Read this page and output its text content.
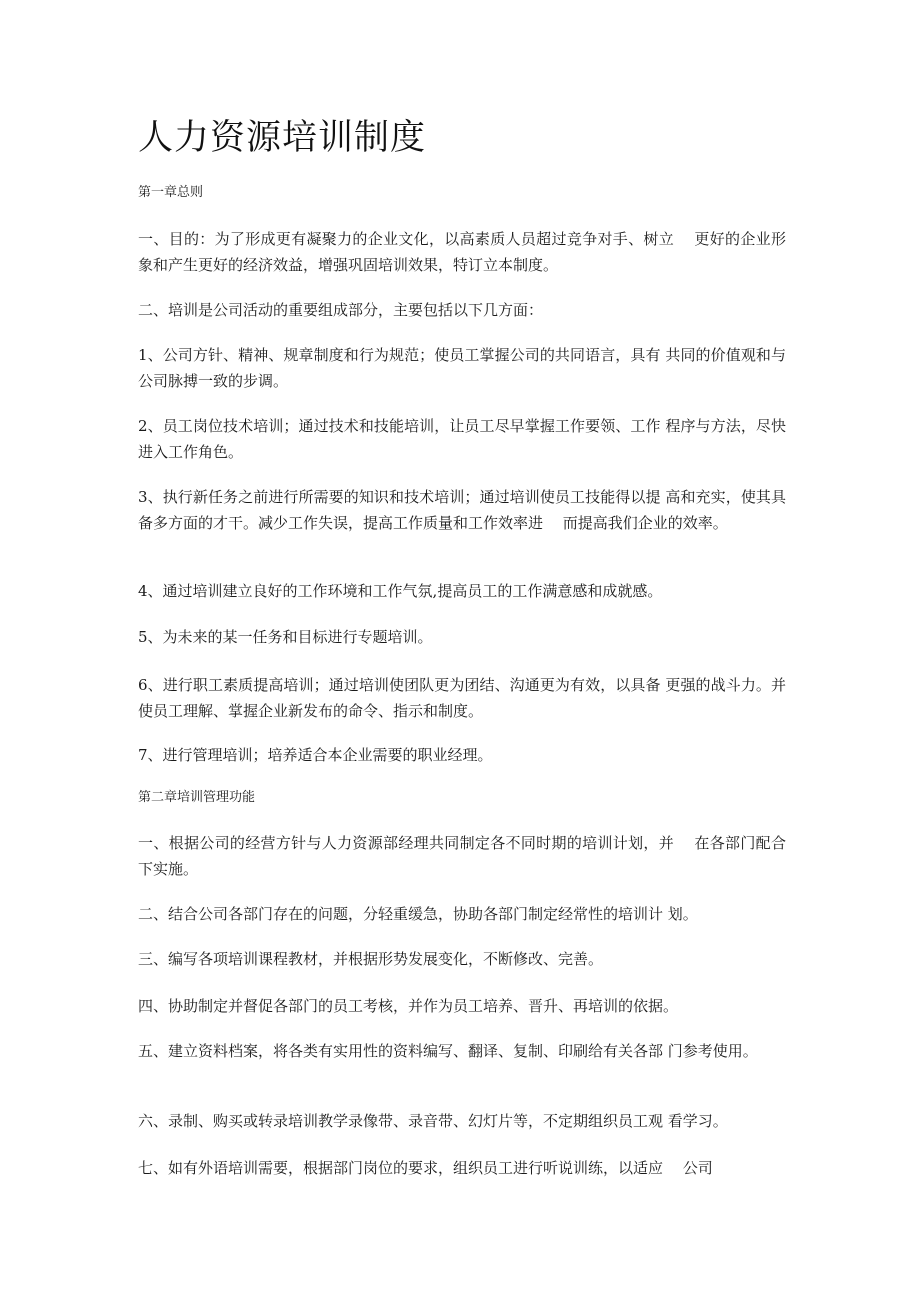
人力资源培训制度

第一章总则

一、目的：为了形成更有凝聚力的企业文化，以高素质人员超过竞争对手、树立　 更好的企业形象和产生更好的经济效益，增强巩固培训效果，特订立本制度。

二、培训是公司活动的重要组成部分，主要包括以下几方面：

1、公司方针、精神、规章制度和行为规范；使员工掌握公司的共同语言，具有 共同的价值观和与公司脉搏一致的步调。

2、员工岗位技术培训；通过技术和技能培训，让员工尽早掌握工作要领、工作 程序与方法，尽快进入工作角色。

3、执行新任务之前进行所需要的知识和技术培训；通过培训使员工技能得以提 高和充实，使其具备多方面的才干。减少工作失误，提高工作质量和工作效率进　 而提高我们企业的效率。

4、通过培训建立良好的工作环境和工作气氛,提高员工的工作满意感和成就感。

5、为未来的某一任务和目标进行专题培训。

6、进行职工素质提高培训；通过培训使团队更为团结、沟通更为有效，以具备 更强的战斗力。并使员工理解、掌握企业新发布的命令、指示和制度。

7、进行管理培训；培养适合本企业需要的职业经理。

第二章培训管理功能

一、根据公司的经营方针与人力资源部经理共同制定各不同时期的培训计划，并　 在各部门配合下实施。

二、结合公司各部门存在的问题，分轻重缓急，协助各部门制定经常性的培训计 划。

三、编写各项培训课程教材，并根据形势发展变化，不断修改、完善。

四、协助制定并督促各部门的员工考核，并作为员工培养、晋升、再培训的依据。

五、建立资料档案，将各类有实用性的资料编写、翻译、复制、印刷给有关各部 门参考使用。

六、录制、购买或转录培训教学录像带、录音带、幻灯片等，不定期组织员工观 看学习。

七、如有外语培训需要，根据部门岗位的要求，组织员工进行听说训练，以适应　 公司
